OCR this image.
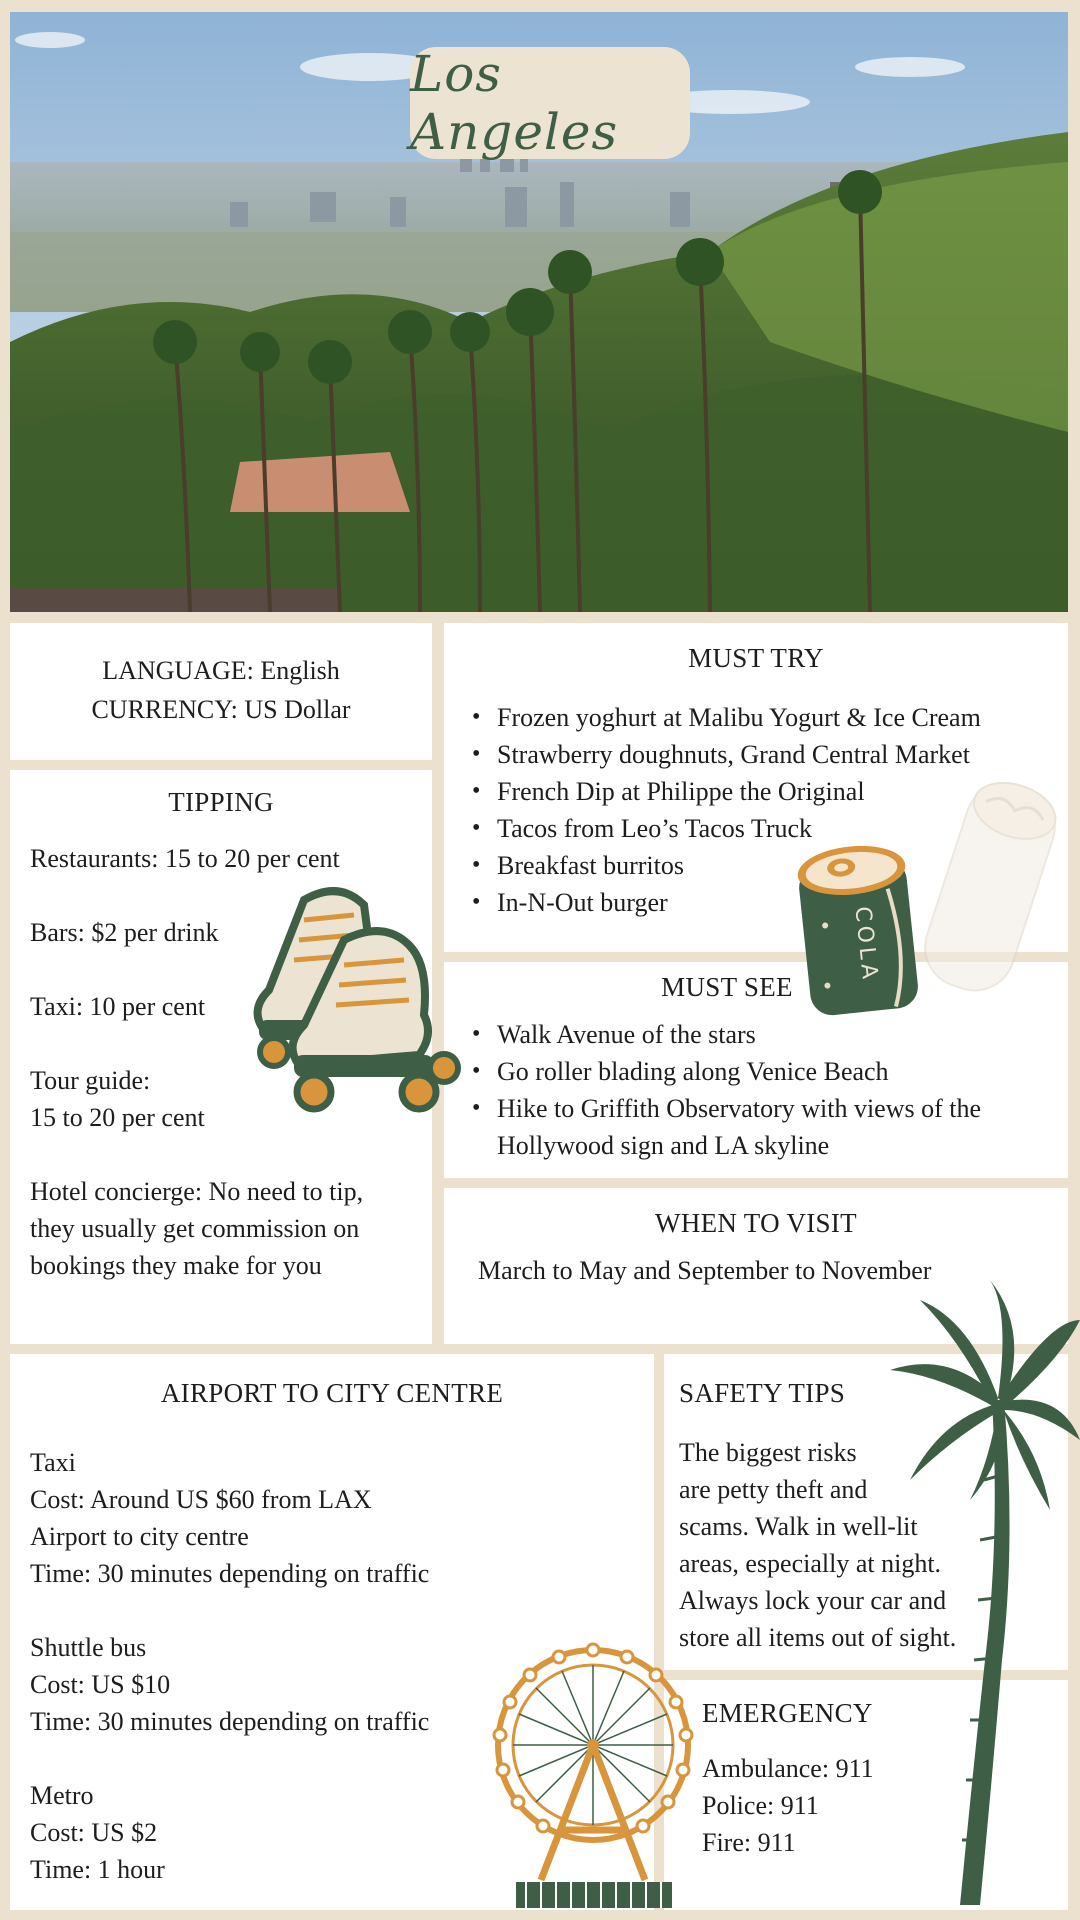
Los Angeles
LANGUAGE: English
CURRENCY: US Dollar
MUST TRY
• Frozen yoghurt at Malibu Yogurt & Ice Cream
• Strawberry doughnuts, Grand Central Market
• French Dip at Philippe the Original
• Tacos from Leo’s Tacos Truck
• Breakfast burritos
• In-N-Out burger
TIPPING
Restaurants: 15 to 20 per cent
Bars: $2 per drink
Taxi: 10 per cent
Tour guide:
15 to 20 per cent
Hotel concierge: No need to tip,
they usually get commission on
bookings they make for you
MUST SEE
• Walk Avenue of the stars
• Go roller blading along Venice Beach
• Hike to Griffith Observatory with views of the Hollywood sign and LA skyline
WHEN TO VISIT
March to May and September to November
AIRPORT TO CITY CENTRE
Taxi
Cost: Around US $60 from LAX
Airport to city centre
Time: 30 minutes depending on traffic
Shuttle bus
Cost: US $10
Time: 30 minutes depending on traffic
Metro
Cost: US $2
Time: 1 hour
SAFETY TIPS
The biggest risks
are petty theft and
scams. Walk in well-lit
areas, especially at night.
Always lock your car and
store all items out of sight.
EMERGENCY
Ambulance: 911
Police: 911
Fire: 911
COLA
